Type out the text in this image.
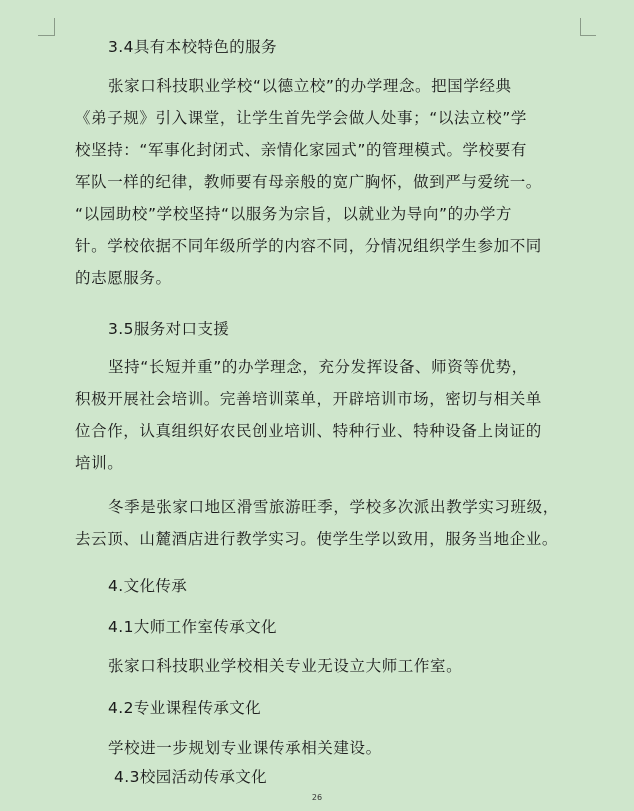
3.4具有本校特色的服务
张家口科技职业学校“以德立校”的办学理念。把国学经典
《弟子规》引入课堂，让学生首先学会做人处事；“以法立校”学
校坚持：“军事化封闭式、亲情化家园式”的管理模式。学校要有
军队一样的纪律，教师要有母亲般的宽广胸怀，做到严与爱统一。
“以园助校”学校坚持“以服务为宗旨，以就业为导向”的办学方
针。学校依据不同年级所学的内容不同，分情况组织学生参加不同
的志愿服务。
3.5服务对口支援
坚持“长短并重”的办学理念，充分发挥设备、师资等优势，
积极开展社会培训。完善培训菜单，开辟培训市场，密切与相关单
位合作，认真组织好农民创业培训、特种行业、特种设备上岗证的
培训。
冬季是张家口地区滑雪旅游旺季，学校多次派出教学实习班级，
去云顶、山麓酒店进行教学实习。使学生学以致用，服务当地企业。
4.文化传承
4.1大师工作室传承文化
张家口科技职业学校相关专业无设立大师工作室。
4.2专业课程传承文化
学校进一步规划专业课传承相关建设。
4.3校园活动传承文化
26
